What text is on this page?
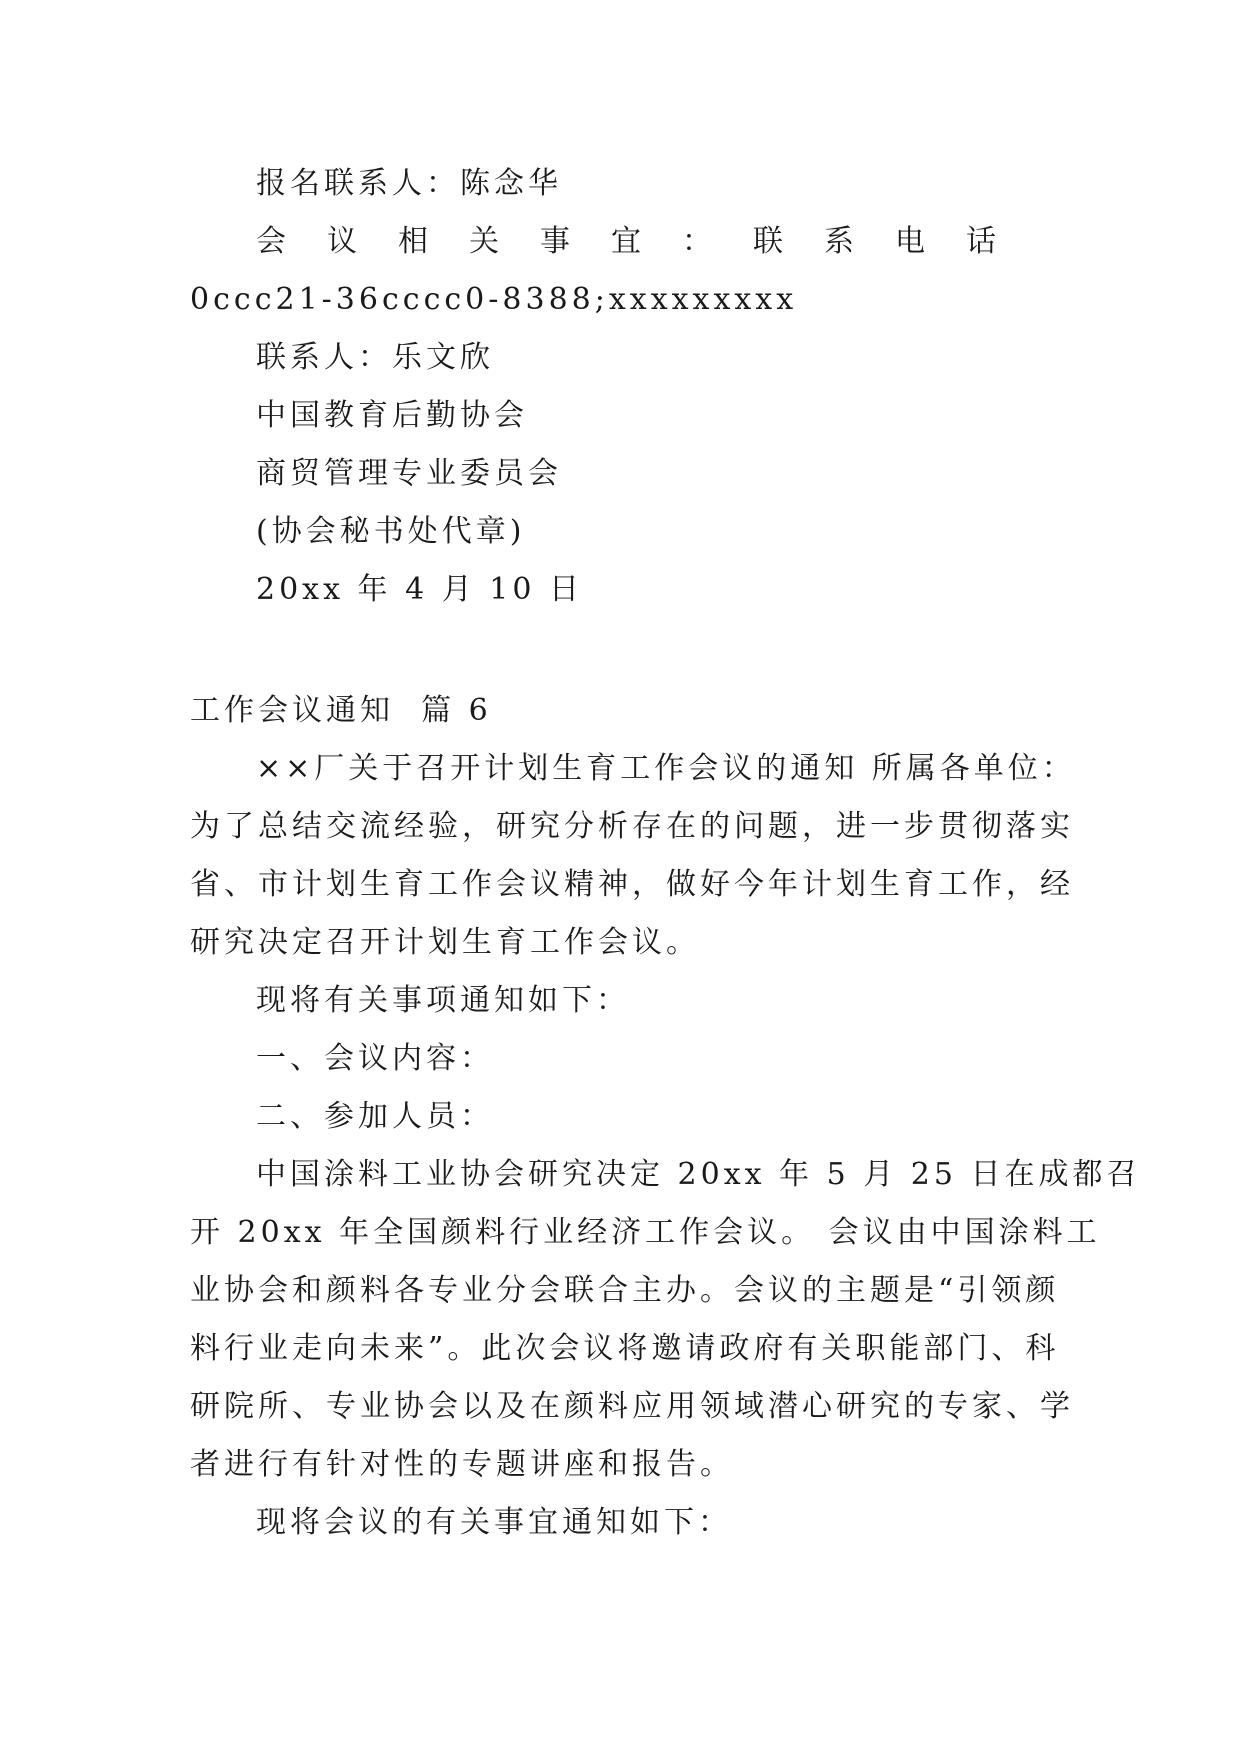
报名联系人：陈念华
会议相关事宜：联系电话
0ccc21-36cccc0-8388;xxxxxxxxx
联系人：乐文欣
中国教育后勤协会
商贸管理专业委员会
(协会秘书处代章)
20xx 年 4 月 10 日
工作会议通知  篇 6
××厂关于召开计划生育工作会议的通知 所属各单位：
为了总结交流经验，研究分析存在的问题，进一步贯彻落实
省、市计划生育工作会议精神，做好今年计划生育工作，经
研究决定召开计划生育工作会议。
现将有关事项通知如下：
一、会议内容：
二、参加人员：
中国涂料工业协会研究决定 20xx 年 5 月 25 日在成都召
开 20xx 年全国颜料行业经济工作会议。 会议由中国涂料工
业协会和颜料各专业分会联合主办。会议的主题是“引领颜
料行业走向未来”。此次会议将邀请政府有关职能部门、科
研院所、专业协会以及在颜料应用领域潜心研究的专家、学
者进行有针对性的专题讲座和报告。
现将会议的有关事宜通知如下：
